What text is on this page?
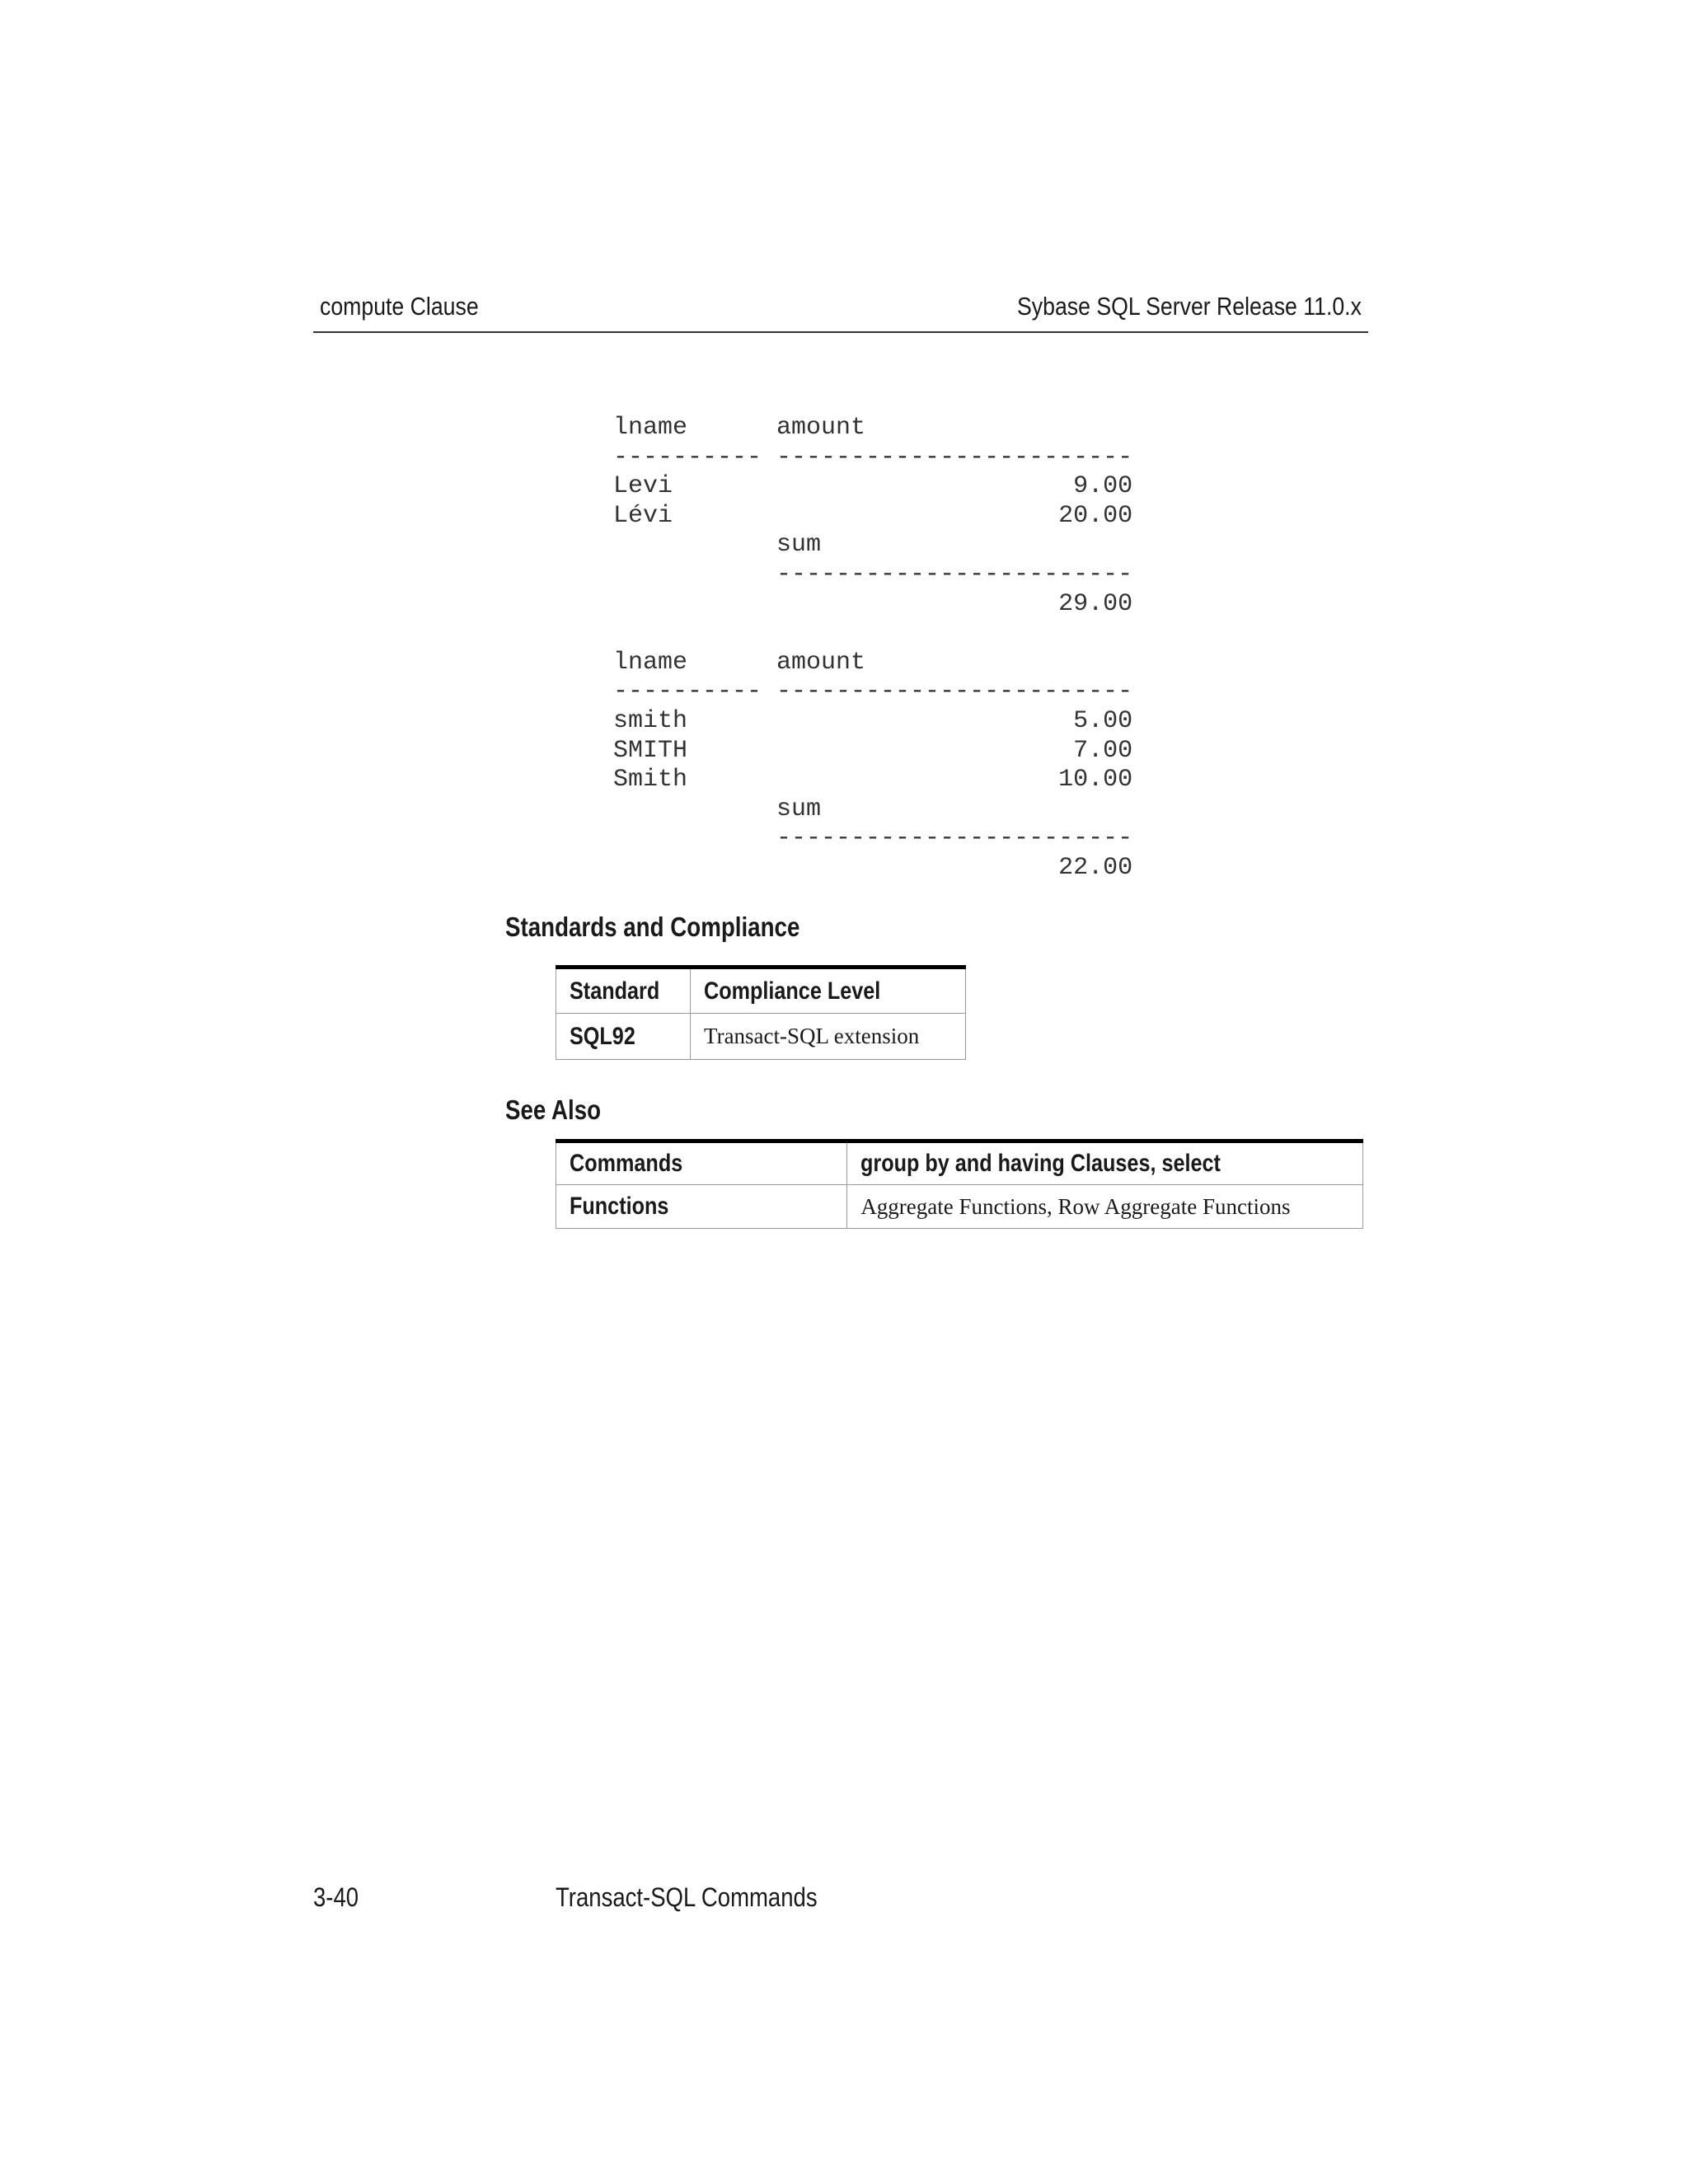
compute Clause	Sybase SQL Server Release 11.0.x
lname      amount
---------- ------------------------
Levi                           9.00
Lévi                          20.00
sum
------------------------
29.00
lname      amount
---------- ------------------------
smith                          5.00
SMITH                          7.00
Smith                         10.00
sum
------------------------
22.00
Standards and Compliance
Standard	Compliance Level
SQL92	Transact-SQL extension
See Also
Commands	group by and having Clauses, select
Functions	Aggregate Functions, Row Aggregate Functions
3-40	Transact-SQL Commands
